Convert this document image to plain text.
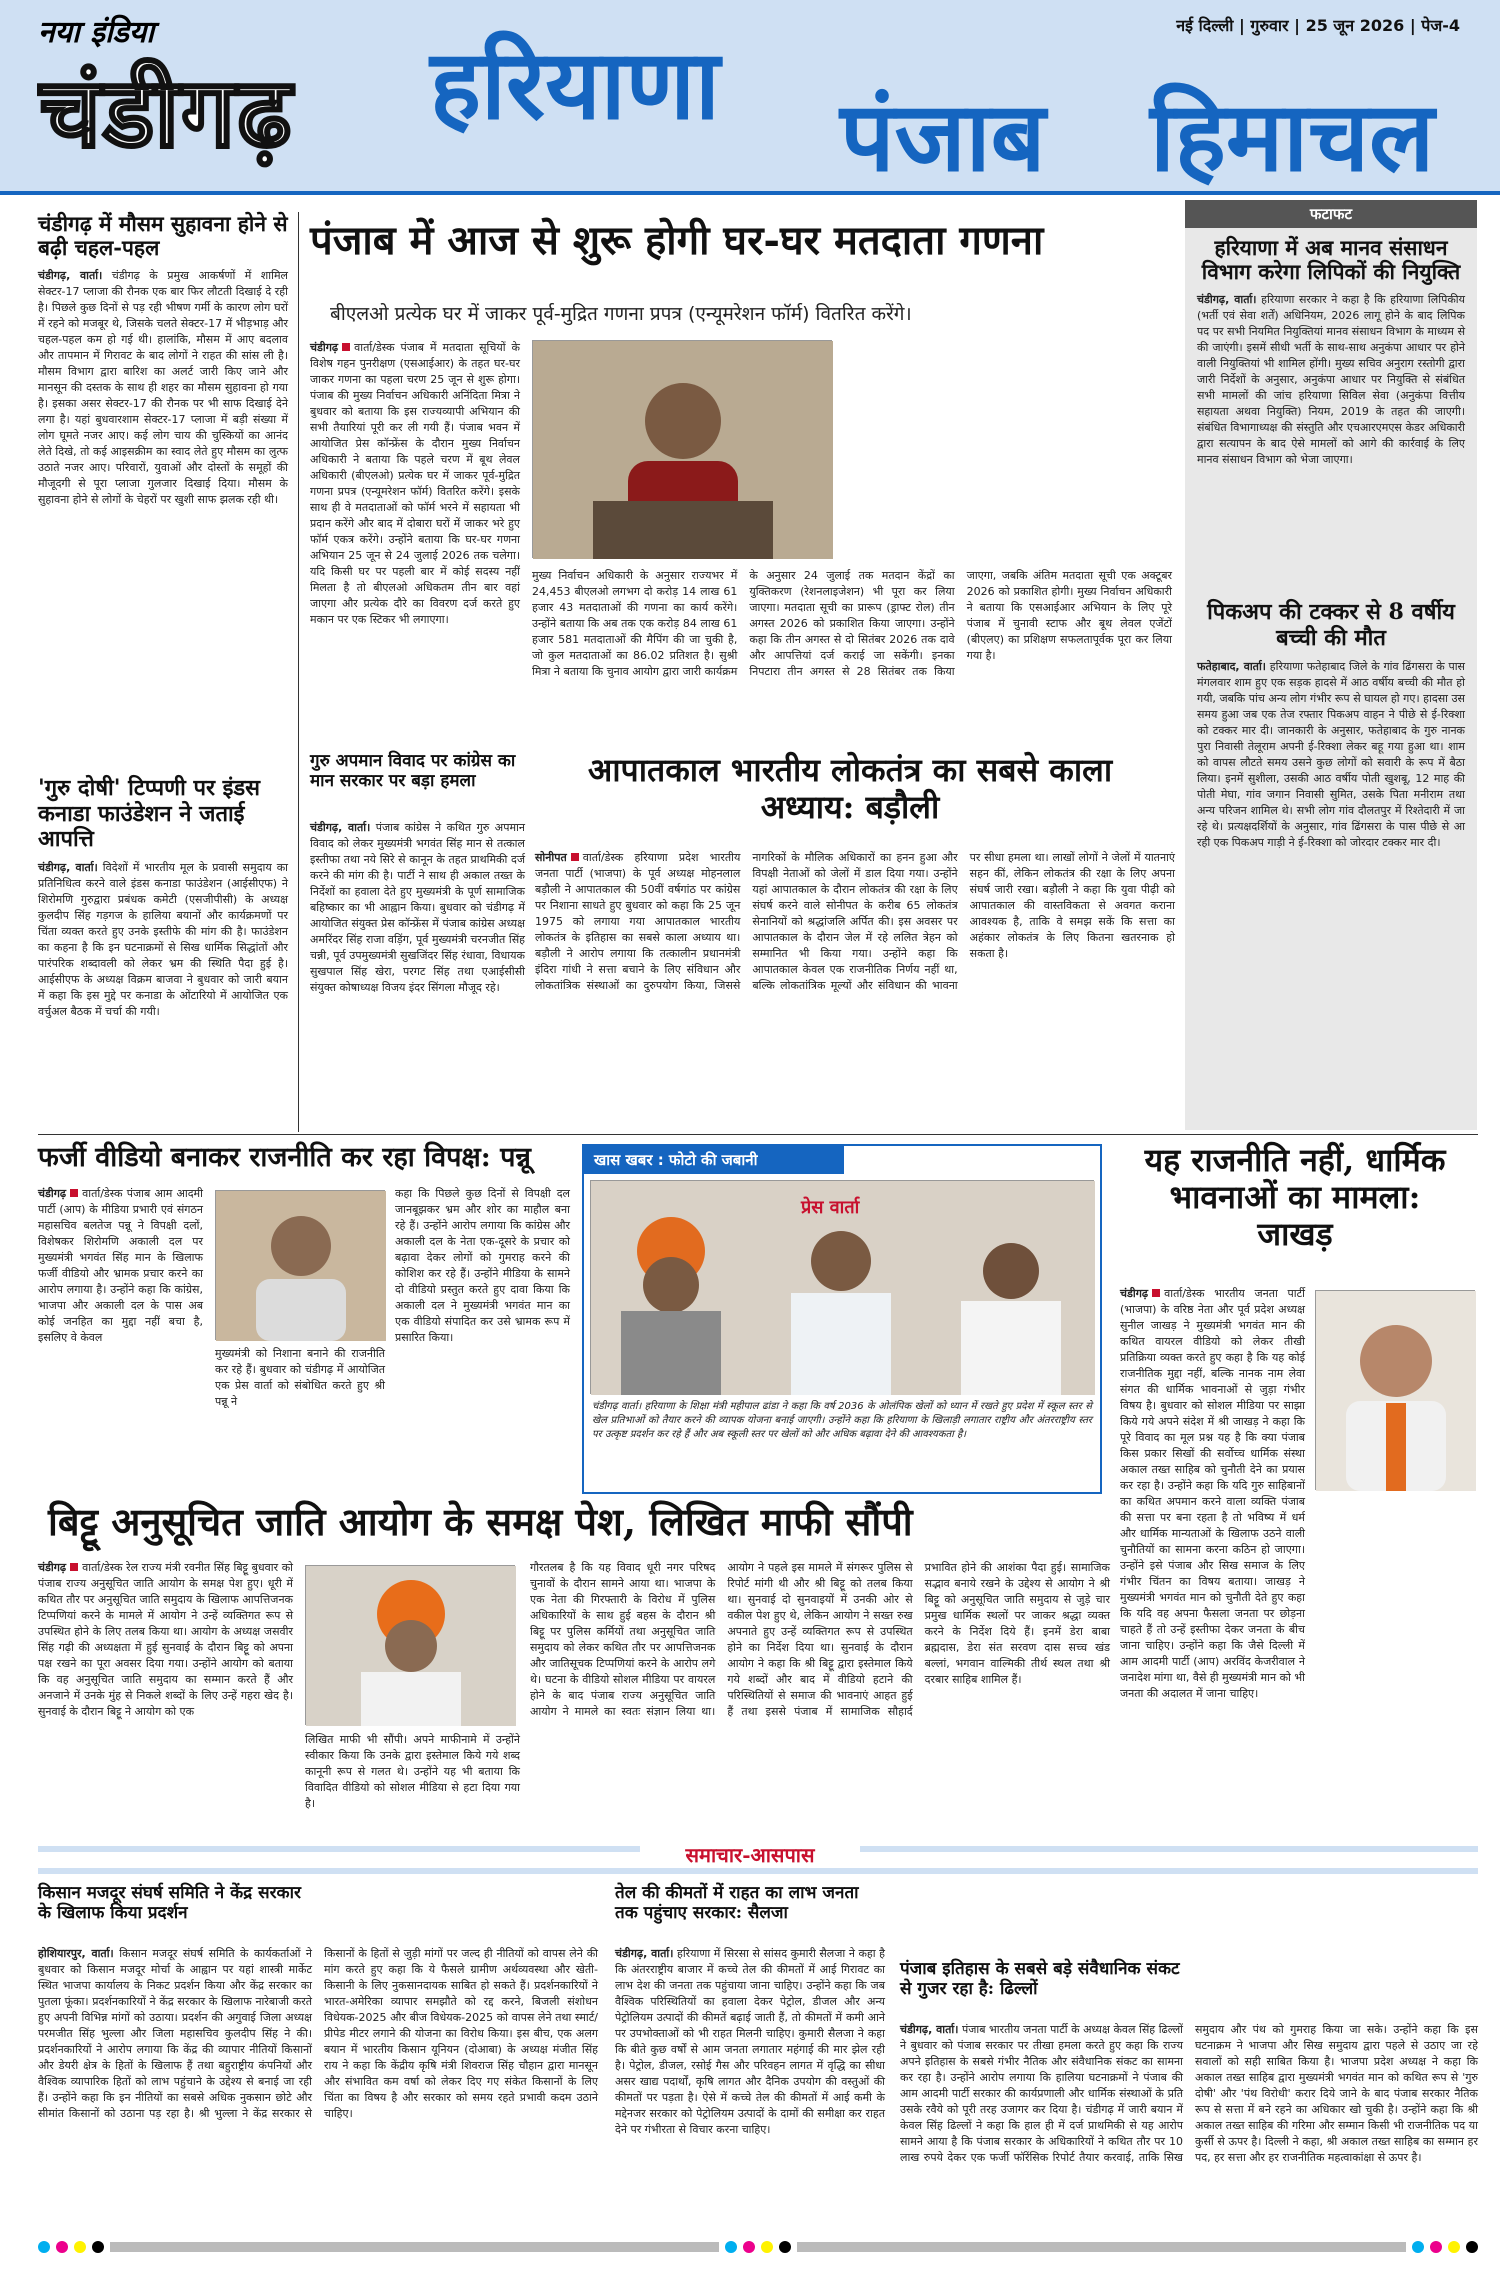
नया इंडिया
चंडीगढ़ हरियाणा पंजाब हिमाचल
नई दिल्ली | गुरुवार | 25 जून 2026 | पेज-4
चंडीगढ़ में मौसम सुहावना होने से बढ़ी चहल-पहल
चंडीगढ़, वार्ता। चंडीगढ़ के प्रमुख आकर्षणों में शामिल सेक्टर-17 प्लाजा की रौनक एक बार फिर लौटती दिखाई दे रही है। पिछले कुछ दिनों से पड़ रही भीषण गर्मी के कारण लोग घरों में रहने को मजबूर थे, जिसके चलते सेक्टर-17 में भीड़भाड़ और चहल-पहल कम हो गई थी। हालांकि, मौसम में आए बदलाव और तापमान में गिरावट के बाद लोगों ने राहत की सांस ली है। मौसम विभाग द्वारा बारिश का अलर्ट जारी किए जाने और मानसून की दस्तक के साथ ही शहर का मौसम सुहावना हो गया है। इसका असर सेक्टर-17 की रौनक पर भी साफ दिखाई देने लगा है। यहां बुधवारशाम सेक्टर-17 प्लाजा में बड़ी संख्या में लोग घूमते नजर आए। कई लोग चाय की चुस्कियों का आनंद लेते दिखे, तो कई आइसक्रीम का स्वाद लेते हुए मौसम का लुत्फ उठाते नजर आए। परिवारों, युवाओं और दोस्तों के समूहों की मौजूदगी से पूरा प्लाजा गुलजार दिखाई दिया। मौसम के सुहावना होने से लोगों के चेहरों पर खुशी साफ झलक रही थी।
'गुरु दोषी' टिप्पणी पर इंडस कनाडा फाउंडेशन ने जताई आपत्ति
चंडीगढ़, वार्ता। विदेशों में भारतीय मूल के प्रवासी समुदाय का प्रतिनिधित्व करने वाले इंडस कनाडा फाउंडेशन (आईसीएफ) ने शिरोमणि गुरुद्वारा प्रबंधक कमेटी (एसजीपीसी) के अध्यक्ष कुलदीप सिंह गड़गज के हालिया बयानों और कार्यक्रमणों पर चिंता व्यक्त करते हुए उनके इस्तीफे की मांग की है। फाउंडेशन का कहना है कि इन घटनाक्रमों से सिख धार्मिक सिद्धांतों और पारंपरिक शब्दावली को लेकर भ्रम की स्थिति पैदा हुई है। आईसीएफ के अध्यक्ष विक्रम बाजवा ने बुधवार को जारी बयान में कहा कि इस मुद्दे पर कनाडा के ओंटारियो में आयोजित एक वर्चुअल बैठक में चर्चा की गयी।
पंजाब में आज से शुरू होगी घर-घर मतदाता गणना
बीएलओ प्रत्येक घर में जाकर पूर्व-मुद्रित गणना प्रपत्र (एन्यूमरेशन फॉर्म) वितरित करेंगे।
चंडीगढ़ वार्ता/डेस्क पंजाब में मतदाता सूचियों के विशेष गहन पुनरीक्षण (एसआईआर) के तहत घर-घर जाकर गणना का पहला चरण 25 जून से शुरू होगा। पंजाब की मुख्य निर्वाचन अधिकारी अनिंदिता मित्रा ने बुधवार को बताया कि इस राज्यव्यापी अभियान की सभी तैयारियां पूरी कर ली गयी हैं। पंजाब भवन में आयोजित प्रेस कॉन्फ्रेंस के दौरान मुख्य निर्वाचन अधिकारी ने बताया कि पहले चरण में बूथ लेवल अधिकारी (बीएलओ) प्रत्येक घर में जाकर पूर्व-मुद्रित गणना प्रपत्र (एन्यूमरेशन फॉर्म) वितरित करेंगे। इसके साथ ही वे मतदाताओं को फॉर्म भरने में सहायता भी प्रदान करेंगे और बाद में दोबारा घरों में जाकर भरे हुए फॉर्म एकत्र करेंगे। उन्होंने बताया कि घर-घर गणना अभियान 25 जून से 24 जुलाई 2026 तक चलेगा। यदि किसी घर पर पहली बार में कोई सदस्य नहीं मिलता है तो बीएलओ अधिकतम तीन बार वहां जाएगा और प्रत्येक दौरे का विवरण दर्ज करते हुए मकान पर एक स्टिकर भी लगाएगा।
मुख्य निर्वाचन अधिकारी के अनुसार राज्यभर में 24,453 बीएलओ लगभग दो करोड़ 14 लाख 61 हजार 43 मतदाताओं की गणना का कार्य करेंगे। उन्होंने बताया कि अब तक एक करोड़ 84 लाख 61 हजार 581 मतदाताओं की मैपिंग की जा चुकी है, जो कुल मतदाताओं का 86.02 प्रतिशत है। सुश्री मित्रा ने बताया कि चुनाव आयोग द्वारा जारी कार्यक्रम के अनुसार 24 जुलाई तक मतदान केंद्रों का युक्तिकरण (रेशनलाइजेशन) भी पूरा कर लिया जाएगा। मतदाता सूची का प्रारूप (ड्राफ्ट रोल) तीन अगस्त 2026 को प्रकाशित किया जाएगा। उन्होंने कहा कि तीन अगस्त से दो सितंबर 2026 तक दावे और आपत्तियां दर्ज कराई जा सकेंगी। इनका निपटारा तीन अगस्त से 28 सितंबर तक किया जाएगा, जबकि अंतिम मतदाता सूची एक अक्टूबर 2026 को प्रकाशित होगी। मुख्य निर्वाचन अधिकारी ने बताया कि एसआईआर अभियान के लिए पूरे पंजाब में चुनावी स्टाफ और बूथ लेवल एजेंटों (बीएलए) का प्रशिक्षण सफलतापूर्वक पूरा कर लिया गया है।
गुरु अपमान विवाद पर कांग्रेस का मान सरकार पर बड़ा हमला
चंडीगढ़, वार्ता। पंजाब कांग्रेस ने कथित गुरु अपमान विवाद को लेकर मुख्यमंत्री भगवंत सिंह मान से तत्काल इस्तीफा तथा नये सिरे से कानून के तहत प्राथमिकी दर्ज करने की मांग की है। पार्टी ने साथ ही अकाल तख्त के निर्देशों का हवाला देते हुए मुख्यमंत्री के पूर्ण सामाजिक बहिष्कार का भी आह्वान किया। बुधवार को चंडीगढ़ में आयोजित संयुक्त प्रेस कॉन्फ्रेंस में पंजाब कांग्रेस अध्यक्ष अमरिंदर सिंह राजा वड़िंग, पूर्व मुख्यमंत्री चरनजीत सिंह चन्नी, पूर्व उपमुख्यमंत्री सुखजिंदर सिंह रंधावा, विधायक सुखपाल सिंह खेरा, परगट सिंह तथा एआईसीसी संयुक्त कोषाध्यक्ष विजय इंदर सिंगला मौजूद रहे।
आपातकाल भारतीय लोकतंत्र का सबसे काला अध्याय: बड़ौली
सोनीपत वार्ता/डेस्क हरियाणा प्रदेश भारतीय जनता पार्टी (भाजपा) के पूर्व अध्यक्ष मोहनलाल बड़ौली ने आपातकाल की 50वीं वर्षगांठ पर कांग्रेस पर निशाना साधते हुए बुधवार को कहा कि 25 जून 1975 को लगाया गया आपातकाल भारतीय लोकतंत्र के इतिहास का सबसे काला अध्याय था। बड़ौली ने आरोप लगाया कि तत्कालीन प्रधानमंत्री इंदिरा गांधी ने सत्ता बचाने के लिए संविधान और लोकतांत्रिक संस्थाओं का दुरुपयोग किया, जिससे नागरिकों के मौलिक अधिकारों का हनन हुआ और विपक्षी नेताओं को जेलों में डाल दिया गया। उन्होंने यहां आपातकाल के दौरान लोकतंत्र की रक्षा के लिए संघर्ष करने वाले सोनीपत के करीब 65 लोकतंत्र सेनानियों को श्रद्धांजलि अर्पित की। इस अवसर पर आपातकाल के दौरान जेल में रहे ललित त्रेहन को सम्मानित भी किया गया। उन्होंने कहा कि आपातकाल केवल एक राजनीतिक निर्णय नहीं था, बल्कि लोकतांत्रिक मूल्यों और संविधान की भावना पर सीधा हमला था। लाखों लोगों ने जेलों में यातनाएं सहन कीं, लेकिन लोकतंत्र की रक्षा के लिए अपना संघर्ष जारी रखा। बड़ौली ने कहा कि युवा पीढ़ी को आपातकाल की वास्तविकता से अवगत कराना आवश्यक है, ताकि वे समझ सकें कि सत्ता का अहंकार लोकतंत्र के लिए कितना खतरनाक हो सकता है।
फटाफट
हरियाणा में अब मानव संसाधन विभाग करेगा लिपिकों की नियुक्ति
चंडीगढ़, वार्ता। हरियाणा सरकार ने कहा है कि हरियाणा लिपिकीय (भर्ती एवं सेवा शर्तें) अधिनियम, 2026 लागू होने के बाद लिपिक पद पर सभी नियमित नियुक्तियां मानव संसाधन विभाग के माध्यम से की जाएंगी। इसमें सीधी भर्ती के साथ-साथ अनुकंपा आधार पर होने वाली नियुक्तियां भी शामिल होंगी। मुख्य सचिव अनुराग रस्तोगी द्वारा जारी निर्देशों के अनुसार, अनुकंपा आधार पर नियुक्ति से संबंधित सभी मामलों की जांच हरियाणा सिविल सेवा (अनुकंपा वित्तीय सहायता अथवा नियुक्ति) नियम, 2019 के तहत की जाएगी। संबंधित विभागाध्यक्ष की संस्तुति और एचआरएमएस केडर अधिकारी द्वारा सत्यापन के बाद ऐसे मामलों को आगे की कार्रवाई के लिए मानव संसाधन विभाग को भेजा जाएगा।
पिकअप की टक्कर से 8 वर्षीय बच्ची की मौत
फतेहाबाद, वार्ता। हरियाणा फतेहाबाद जिले के गांव ढिंगसरा के पास मंगलवार शाम हुए एक सड़क हादसे में आठ वर्षीय बच्ची की मौत हो गयी, जबकि पांच अन्य लोग गंभीर रूप से घायल हो गए। हादसा उस समय हुआ जब एक तेज रफ्तार पिकअप वाहन ने पीछे से ई-रिक्शा को टक्कर मार दी। जानकारी के अनुसार, फतेहाबाद के गुरु नानक पुरा निवासी तेलूराम अपनी ई-रिक्शा लेकर बहू गया हुआ था। शाम को वापस लौटते समय उसने कुछ लोगों को सवारी के रूप में बैठा लिया। इनमें सुशीला, उसकी आठ वर्षीय पोती खुशबू, 12 माह की पोती मेघा, गांव जगान निवासी सुमित, उसके पिता मनीराम तथा अन्य परिजन शामिल थे। सभी लोग गांव दौलतपुर में रिश्तेदारी में जा रहे थे। प्रत्यक्षदर्शियों के अनुसार, गांव ढिंगसरा के पास पीछे से आ रही एक पिकअप गाड़ी ने ई-रिक्शा को जोरदार टक्कर मार दी।
फर्जी वीडियो बनाकर राजनीति कर रहा विपक्ष: पन्नू
चंडीगढ़ वार्ता/डेस्क पंजाब आम आदमी पार्टी (आप) के मीडिया प्रभारी एवं संगठन महासचिव बलतेज पन्नू ने विपक्षी दलों, विशेषकर शिरोमणि अकाली दल पर मुख्यमंत्री भगवंत सिंह मान के खिलाफ फर्जी वीडियो और भ्रामक प्रचार करने का आरोप लगाया है। उन्होंने कहा कि कांग्रेस, भाजपा और अकाली दल के पास अब कोई जनहित का मुद्दा नहीं बचा है, इसलिए वे केवल
मुख्यमंत्री को निशाना बनाने की राजनीति कर रहे हैं। बुधवार को चंडीगढ़ में आयोजित एक प्रेस वार्ता को संबोधित करते हुए श्री पन्नू ने
कहा कि पिछले कुछ दिनों से विपक्षी दल जानबूझकर भ्रम और शोर का माहौल बना रहे हैं। उन्होंने आरोप लगाया कि कांग्रेस और अकाली दल के नेता एक-दूसरे के प्रचार को बढ़ावा देकर लोगों को गुमराह करने की कोशिश कर रहे हैं। उन्होंने मीडिया के सामने दो वीडियो प्रस्तुत करते हुए दावा किया कि अकाली दल ने मुख्यमंत्री भगवंत मान का एक वीडियो संपादित कर उसे भ्रामक रूप में प्रसारित किया।
खास खबर : फोटो की जबानी
प्रेस वार्ता
चंडीगढ़ वार्ता। हरियाणा के शिक्षा मंत्री महीपाल ढांडा ने कहा कि वर्ष 2036 के ओलंपिक खेलों को ध्यान में रखते हुए प्रदेश में स्कूल स्तर से खेल प्रतिभाओं को तैयार करने की व्यापक योजना बनाई जाएगी। उन्होंने कहा कि हरियाणा के खिलाड़ी लगातार राष्ट्रीय और अंतरराष्ट्रीय स्तर पर उत्कृष्ट प्रदर्शन कर रहे हैं और अब स्कूली स्तर पर खेलों को और अधिक बढ़ावा देने की आवश्यकता है।
यह राजनीति नहीं, धार्मिक भावनाओं का मामला: जाखड़
चंडीगढ़ वार्ता/डेस्क भारतीय जनता पार्टी (भाजपा) के वरिष्ठ नेता और पूर्व प्रदेश अध्यक्ष सुनील जाखड़ ने मुख्यमंत्री भगवंत मान की कथित वायरल वीडियो को लेकर तीखी प्रतिक्रिया व्यक्त करते हुए कहा है कि यह कोई राजनीतिक मुद्दा नहीं, बल्कि नानक नाम लेवा संगत की धार्मिक भावनाओं से जुड़ा गंभीर विषय है। बुधवार को सोशल मीडिया पर साझा किये गये अपने संदेश में श्री जाखड़ ने कहा कि पूरे विवाद का मूल प्रश्न यह है कि क्या पंजाब किस प्रकार सिखों की सर्वोच्च धार्मिक संस्था अकाल तख्त साहिब को चुनौती देने का प्रयास कर रहा है। उन्होंने कहा कि यदि गुरु साहिबानों का कथित अपमान करने वाला व्यक्ति पंजाब की सत्ता पर बना रहता है तो भविष्य में धर्म और धार्मिक मान्यताओं के खिलाफ उठने वाली चुनौतियों का सामना करना कठिन हो जाएगा। उन्होंने इसे पंजाब और सिख समाज के लिए गंभीर चिंतन का विषय बताया। जाखड़ ने मुख्यमंत्री भगवंत मान को चुनौती देते हुए कहा कि यदि वह अपना फैसला जनता पर छोड़ना चाहते हैं तो उन्हें इस्तीफा देकर जनता के बीच जाना चाहिए। उन्होंने कहा कि जैसे दिल्ली में आम आदमी पार्टी (आप) अरविंद केजरीवाल ने जनादेश मांगा था, वैसे ही मुख्यमंत्री मान को भी जनता की अदालत में जाना चाहिए।
बिट्टू अनुसूचित जाति आयोग के समक्ष पेश, लिखित माफी सौंपी
चंडीगढ़ वार्ता/डेस्क रेल राज्य मंत्री रवनीत सिंह बिट्टू बुधवार को पंजाब राज्य अनुसूचित जाति आयोग के समक्ष पेश हुए। धूरी में कथित तौर पर अनुसूचित जाति समुदाय के खिलाफ आपत्तिजनक टिप्पणियां करने के मामले में आयोग ने उन्हें व्यक्तिगत रूप से उपस्थित होने के लिए तलब किया था। आयोग के अध्यक्ष जसवीर सिंह गढ़ी की अध्यक्षता में हुई सुनवाई के दौरान बिट्टू को अपना पक्ष रखने का पूरा अवसर दिया गया। उन्होंने आयोग को बताया कि वह अनुसूचित जाति समुदाय का सम्मान करते हैं और अनजाने में उनके मुंह से निकले शब्दों के लिए उन्हें गहरा खेद है। सुनवाई के दौरान बिट्टू ने आयोग को एक
लिखित माफी भी सौंपी। अपने माफीनामे में उन्होंने स्वीकार किया कि उनके द्वारा इस्तेमाल किये गये शब्द कानूनी रूप से गलत थे। उन्होंने यह भी बताया कि विवादित वीडियो को सोशल मीडिया से हटा दिया गया है।
गौरतलब है कि यह विवाद धूरी नगर परिषद चुनावों के दौरान सामने आया था। भाजपा के एक नेता की गिरफ्तारी के विरोध में पुलिस अधिकारियों के साथ हुई बहस के दौरान श्री बिट्टू पर पुलिस कर्मियों तथा अनुसूचित जाति समुदाय को लेकर कथित तौर पर आपत्तिजनक और जातिसूचक टिप्पणियां करने के आरोप लगे थे। घटना के वीडियो सोशल मीडिया पर वायरल होने के बाद पंजाब राज्य अनुसूचित जाति आयोग ने मामले का स्वतः संज्ञान लिया था। आयोग ने पहले इस मामले में संगरूर पुलिस से रिपोर्ट मांगी थी और श्री बिट्टू को तलब किया था। सुनवाई दो सुनवाइयों में उनकी ओर से वकील पेश हुए थे, लेकिन आयोग ने सख्त रुख अपनाते हुए उन्हें व्यक्तिगत रूप से उपस्थित होने का निर्देश दिया था। सुनवाई के दौरान आयोग ने कहा कि श्री बिट्टू द्वारा इस्तेमाल किये गये शब्दों और बाद में वीडियो हटाने की परिस्थितियों से समाज की भावनाएं आहत हुई हैं तथा इससे पंजाब में सामाजिक सौहार्द प्रभावित होने की आशंका पैदा हुई। सामाजिक सद्भाव बनाये रखने के उद्देश्य से आयोग ने श्री बिट्टू को अनुसूचित जाति समुदाय से जुड़े चार प्रमुख धार्मिक स्थलों पर जाकर श्रद्धा व्यक्त करने के निर्देश दिये हैं। इनमें डेरा बाबा ब्रह्मदास, डेरा संत सरवण दास सच्च खंड बल्लां, भगवान वाल्मिकी तीर्थ स्थल तथा श्री दरबार साहिब शामिल हैं।
समाचार-आसपास
किसान मजदूर संघर्ष समिति ने केंद्र सरकार के खिलाफ किया प्रदर्शन
होशियारपुर, वार्ता। किसान मजदूर संघर्ष समिति के कार्यकर्ताओं ने बुधवार को किसान मजदूर मोर्चा के आह्वान पर यहां शास्त्री मार्केट स्थित भाजपा कार्यालय के निकट प्रदर्शन किया और केंद्र सरकार का पुतला फूंका। प्रदर्शनकारियों ने केंद्र सरकार के खिलाफ नारेबाजी करते हुए अपनी विभिन्न मांगों को उठाया। प्रदर्शन की अगुवाई जिला अध्यक्ष परमजीत सिंह भुल्ला और जिला महासचिव कुलदीप सिंह ने की। प्रदर्शनकारियों ने आरोप लगाया कि केंद्र की व्यापार नीतियों किसानों और डेयरी क्षेत्र के हितों के खिलाफ हैं तथा बहुराष्ट्रीय कंपनियों और वैश्विक व्यापारिक हितों को लाभ पहुंचाने के उद्देश्य से बनाई जा रही हैं। उन्होंने कहा कि इन नीतियों का सबसे अधिक नुकसान छोटे और सीमांत किसानों को उठाना पड़ रहा है। श्री भुल्ला ने केंद्र सरकार से किसानों के हितों से जुड़ी मांगों पर जल्द ही नीतियों को वापस लेने की मांग करते हुए कहा कि ये फैसले ग्रामीण अर्थव्यवस्था और खेती-किसानी के लिए नुकसानदायक साबित हो सकते हैं। प्रदर्शनकारियों ने भारत-अमेरिका व्यापार समझौते को रद्द करने, बिजली संशोधन विधेयक-2025 और बीज विधेयक-2025 को वापस लेने तथा स्मार्ट/प्रीपेड मीटर लगाने की योजना का विरोध किया। इस बीच, एक अलग बयान में भारतीय किसान यूनियन (दोआबा) के अध्यक्ष मंजीत सिंह राय ने कहा कि केंद्रीय कृषि मंत्री शिवराज सिंह चौहान द्वारा मानसून और संभावित कम वर्षा को लेकर दिए गए संकेत किसानों के लिए चिंता का विषय है और सरकार को समय रहते प्रभावी कदम उठाने चाहिए।
तेल की कीमतों में राहत का लाभ जनता तक पहुंचाए सरकार: सैलजा
चंडीगढ़, वार्ता। हरियाणा में सिरसा से सांसद कुमारी सैलजा ने कहा है कि अंतरराष्ट्रीय बाजार में कच्चे तेल की कीमतों में आई गिरावट का लाभ देश की जनता तक पहुंचाया जाना चाहिए। उन्होंने कहा कि जब वैश्विक परिस्थितियों का हवाला देकर पेट्रोल, डीजल और अन्य पेट्रोलियम उत्पादों की कीमतें बढ़ाई जाती हैं, तो कीमतों में कमी आने पर उपभोक्ताओं को भी राहत मिलनी चाहिए। कुमारी सैलजा ने कहा कि बीते कुछ वर्षों से आम जनता लगातार महंगाई की मार झेल रही है। पेट्रोल, डीजल, रसोई गैस और परिवहन लागत में वृद्धि का सीधा असर खाद्य पदार्थों, कृषि लागत और दैनिक उपयोग की वस्तुओं की कीमतों पर पड़ता है। ऐसे में कच्चे तेल की कीमतों में आई कमी के मद्देनजर सरकार को पेट्रोलियम उत्पादों के दामों की समीक्षा कर राहत देने पर गंभीरता से विचार करना चाहिए।
पंजाब इतिहास के सबसे बड़े संवैधानिक संकट से गुजर रहा है: ढिल्लों
चंडीगढ़, वार्ता। पंजाब भारतीय जनता पार्टी के अध्यक्ष केवल सिंह ढिल्लों ने बुधवार को पंजाब सरकार पर तीखा हमला करते हुए कहा कि राज्य अपने इतिहास के सबसे गंभीर नैतिक और संवैधानिक संकट का सामना कर रहा है। उन्होंने आरोप लगाया कि हालिया घटनाक्रमों ने पंजाब की आम आदमी पार्टी सरकार की कार्यप्रणाली और धार्मिक संस्थाओं के प्रति उसके रवैये को पूरी तरह उजागर कर दिया है। चंडीगढ़ में जारी बयान में केवल सिंह ढिल्लों ने कहा कि हाल ही में दर्ज प्राथमिकी से यह आरोप सामने आया है कि पंजाब सरकार के अधिकारियों ने कथित तौर पर 10 लाख रुपये देकर एक फर्जी फॉरेंसिक रिपोर्ट तैयार करवाई, ताकि सिख समुदाय और पंथ को गुमराह किया जा सके। उन्होंने कहा कि इस घटनाक्रम ने भाजपा और सिख समुदाय द्वारा पहले से उठाए जा रहे सवालों को सही साबित किया है। भाजपा प्रदेश अध्यक्ष ने कहा कि अकाल तख्त साहिब द्वारा मुख्यमंत्री भगवंत मान को कथित रूप से 'गुरु दोषी' और 'पंथ विरोधी' करार दिये जाने के बाद पंजाब सरकार नैतिक रूप से सत्ता में बने रहने का अधिकार खो चुकी है। उन्होंने कहा कि श्री अकाल तख्त साहिब की गरिमा और सम्मान किसी भी राजनीतिक पद या कुर्सी से ऊपर है। दिल्ली ने कहा, श्री अकाल तख्त साहिब का सम्मान हर पद, हर सत्ता और हर राजनीतिक महत्वाकांक्षा से ऊपर है।
